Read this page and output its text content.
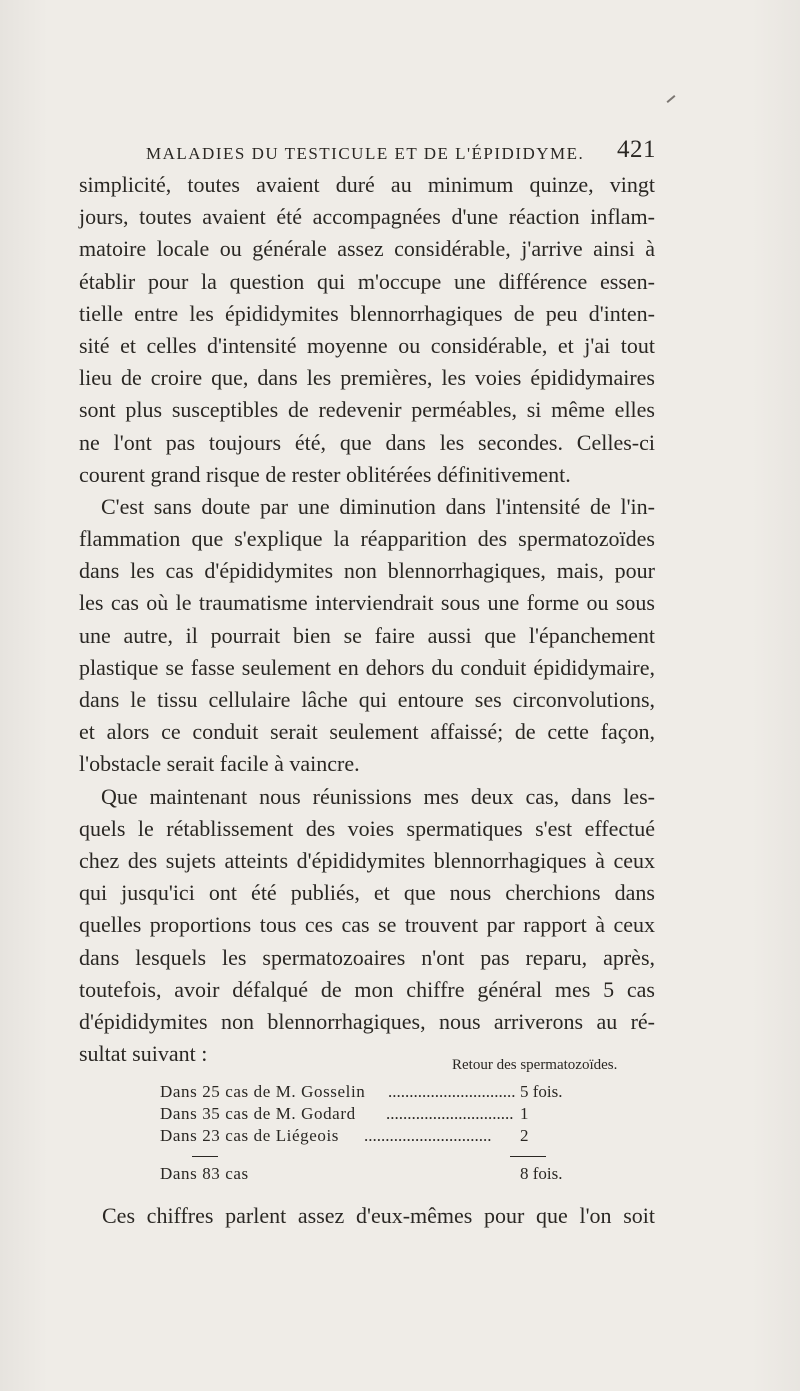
MALADIES DU TESTICULE ET DE L'ÉPIDIDYME. 421
simplicité, toutes avaient duré au minimum quinze, vingt
jours, toutes avaient été accompagnées d'une réaction inflam-
matoire locale ou générale assez considérable, j'arrive ainsi à
établir pour la question qui m'occupe une différence essen-
tielle entre les épididymites blennorrhagiques de peu d'inten-
sité et celles d'intensité moyenne ou considérable, et j'ai tout
lieu de croire que, dans les premières, les voies épididymaires
sont plus susceptibles de redevenir perméables, si même elles
ne l'ont pas toujours été, que dans les secondes. Celles-ci
courent grand risque de rester oblitérées définitivement.
C'est sans doute par une diminution dans l'intensité de l'in-
flammation que s'explique la réapparition des spermatozoïdes
dans les cas d'épididymites non blennorrhagiques, mais, pour
les cas où le traumatisme interviendrait sous une forme ou sous
une autre, il pourrait bien se faire aussi que l'épanchement
plastique se fasse seulement en dehors du conduit épididymaire,
dans le tissu cellulaire lâche qui entoure ses circonvolutions,
et alors ce conduit serait seulement affaissé; de cette façon,
l'obstacle serait facile à vaincre.
Que maintenant nous réunissions mes deux cas, dans les-
quels le rétablissement des voies spermatiques s'est effectué
chez des sujets atteints d'épididymites blennorrhagiques à ceux
qui jusqu'ici ont été publiés, et que nous cherchions dans
quelles proportions tous ces cas se trouvent par rapport à ceux
dans lesquels les spermatozoaires n'ont pas reparu, après,
toutefois, avoir défalqué de mon chiffre général mes 5 cas
d'épididymites non blennorrhagiques, nous arriverons au ré-
sultat suivant :	Retour des spermatozoïdes.
Dans 25 cas de M. Gosselin .............................. 5 fois.
Dans 35 cas de M. Godard .............................. 1
Dans 23 cas de Liégeois .............................. 2
Dans 83 cas	8 fois.
Ces chiffres parlent assez d'eux-mêmes pour que l'on soit
